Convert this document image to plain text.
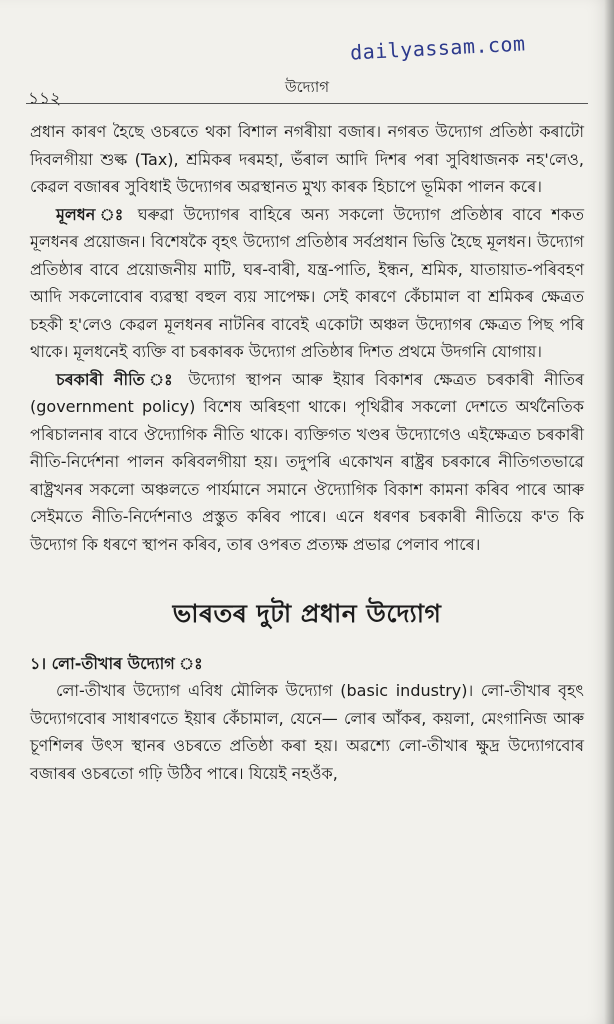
dailyassam.com
১১২
উদ্যোগ

প্ৰধান কাৰণ হৈছে ওচৰতে থকা বিশাল নগৰীয়া বজাৰ। নগৰত উদ্যোগ প্ৰতিষ্ঠা কৰাটো দিবলগীয়া শুল্ক (Tax), শ্ৰমিকৰ দৰমহা, ভঁৰাল আদি দিশৰ পৰা সুবিধাজনক নহ'লেও, কেৱল বজাৰৰ সুবিধাই উদ্যোগৰ অৱস্থানত মুখ্য কাৰক হিচাপে ভূমিকা পালন কৰে।

মূলধন ঃ ঘৰুৱা উদ্যোগৰ বাহিৰে অন্য সকলো উদ্যোগ প্ৰতিষ্ঠাৰ বাবে শকত মূলধনৰ প্ৰয়োজন। বিশেষকৈ বৃহৎ উদ্যোগ প্ৰতিষ্ঠাৰ সৰ্বপ্ৰধান ভিত্তি হৈছে মূলধন। উদ্যোগ প্ৰতিষ্ঠাৰ বাবে প্ৰয়োজনীয় মাটি, ঘৰ-বাৰী, যন্ত্ৰ-পাতি, ইন্ধন, শ্ৰমিক, যাতায়াত-পৰিবহণ আদি সকলোবোৰ ব্যৱস্থা বহুল ব্যয় সাপেক্ষ। সেই কাৰণে কেঁচামাল বা শ্ৰমিকৰ ক্ষেত্ৰত চহকী হ'লেও কেৱল মূলধনৰ নাটনিৰ বাবেই একোটা অঞ্চল উদ্যোগৰ ক্ষেত্ৰত পিছ পৰি থাকে। মূলধনেই ব্যক্তি বা চৰকাৰক উদ্যোগ প্ৰতিষ্ঠাৰ দিশত প্ৰথমে উদগনি যোগায়।

চৰকাৰী নীতি ঃ উদ্যোগ স্থাপন আৰু ইয়াৰ বিকাশৰ ক্ষেত্ৰত চৰকাৰী নীতিৰ (government policy) বিশেষ অৰিহণা থাকে। পৃথিৱীৰ সকলো দেশতে অৰ্থনৈতিক পৰিচালনাৰ বাবে ঔদ্যোগিক নীতি থাকে। ব্যক্তিগত খণ্ডৰ উদ্যোগেও এইক্ষেত্ৰত চৰকাৰী নীতি-নিৰ্দেশনা পালন কৰিবলগীয়া হয়। তদুপৰি একোখন ৰাষ্ট্ৰৰ চৰকাৰে নীতিগতভাৱে ৰাষ্ট্ৰখনৰ সকলো অঞ্চলতে পাৰ্যমানে সমানে ঔদ্যোগিক বিকাশ কামনা কৰিব পাৰে আৰু সেইমতে নীতি-নিৰ্দেশনাও প্ৰস্তুত কৰিব পাৰে। এনে ধৰণৰ চৰকাৰী নীতিয়ে ক'ত কি উদ্যোগ কি ধৰণে স্থাপন কৰিব, তাৰ ওপৰত প্ৰত্যক্ষ প্ৰভাৱ পেলাব পাৰে।

ভাৰতৰ দুটা প্ৰধান উদ্যোগ

১। লো-তীখাৰ উদ্যোগ ঃ

লো-তীখাৰ উদ্যোগ এবিধ মৌলিক উদ্যোগ (basic industry)। লো-তীখাৰ বৃহৎ উদ্যোগবোৰ সাধাৰণতে ইয়াৰ কেঁচামাল, যেনে— লোৰ আঁকৰ, কয়লা, মেংগানিজ আৰু চূণশিলৰ উৎস স্থানৰ ওচৰতে প্ৰতিষ্ঠা কৰা হয়। অৱশ্যে লো-তীখাৰ ক্ষুদ্ৰ উদ্যোগবোৰ বজাৰৰ ওচৰতো গঢ়ি উঠিব পাৰে। যিয়েই নহওঁক,
